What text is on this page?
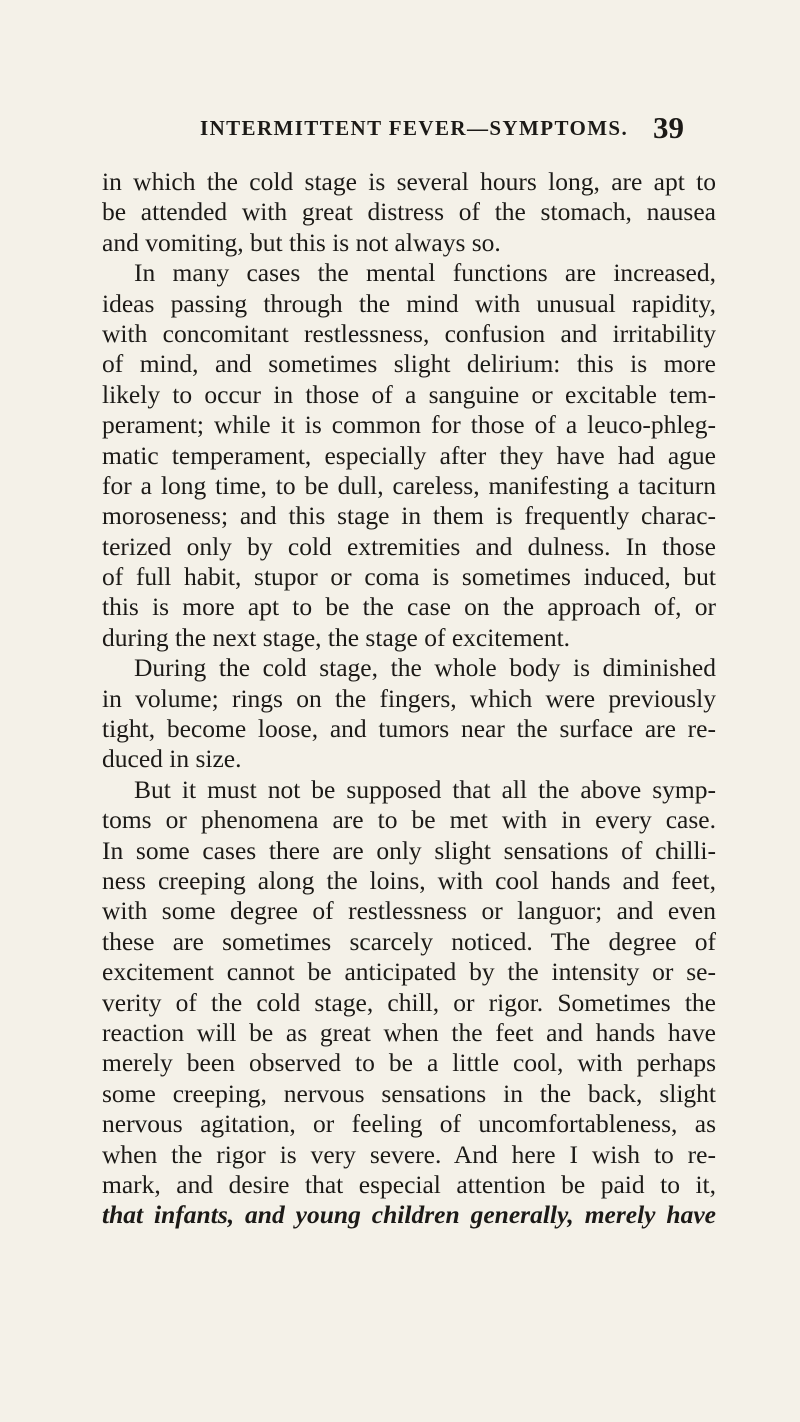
INTERMITTENT FEVER—SYMPTOMS. 39
in which the cold stage is several hours long, are apt to
be attended with great distress of the stomach, nausea
and vomiting, but this is not always so.
In many cases the mental functions are increased,
ideas passing through the mind with unusual rapidity,
with concomitant restlessness, confusion and irritability
of mind, and sometimes slight delirium: this is more
likely to occur in those of a sanguine or excitable tem-
perament; while it is common for those of a leuco-phleg-
matic temperament, especially after they have had ague
for a long time, to be dull, careless, manifesting a taciturn
moroseness; and this stage in them is frequently charac-
terized only by cold extremities and dulness. In those
of full habit, stupor or coma is sometimes induced, but
this is more apt to be the case on the approach of, or
during the next stage, the stage of excitement.
During the cold stage, the whole body is diminished
in volume; rings on the fingers, which were previously
tight, become loose, and tumors near the surface are re-
duced in size.
But it must not be supposed that all the above symp-
toms or phenomena are to be met with in every case.
In some cases there are only slight sensations of chilli-
ness creeping along the loins, with cool hands and feet,
with some degree of restlessness or languor; and even
these are sometimes scarcely noticed. The degree of
excitement cannot be anticipated by the intensity or se-
verity of the cold stage, chill, or rigor. Sometimes the
reaction will be as great when the feet and hands have
merely been observed to be a little cool, with perhaps
some creeping, nervous sensations in the back, slight
nervous agitation, or feeling of uncomfortableness, as
when the rigor is very severe. And here I wish to re-
mark, and desire that especial attention be paid to it,
that infants, and young children generally, merely have
